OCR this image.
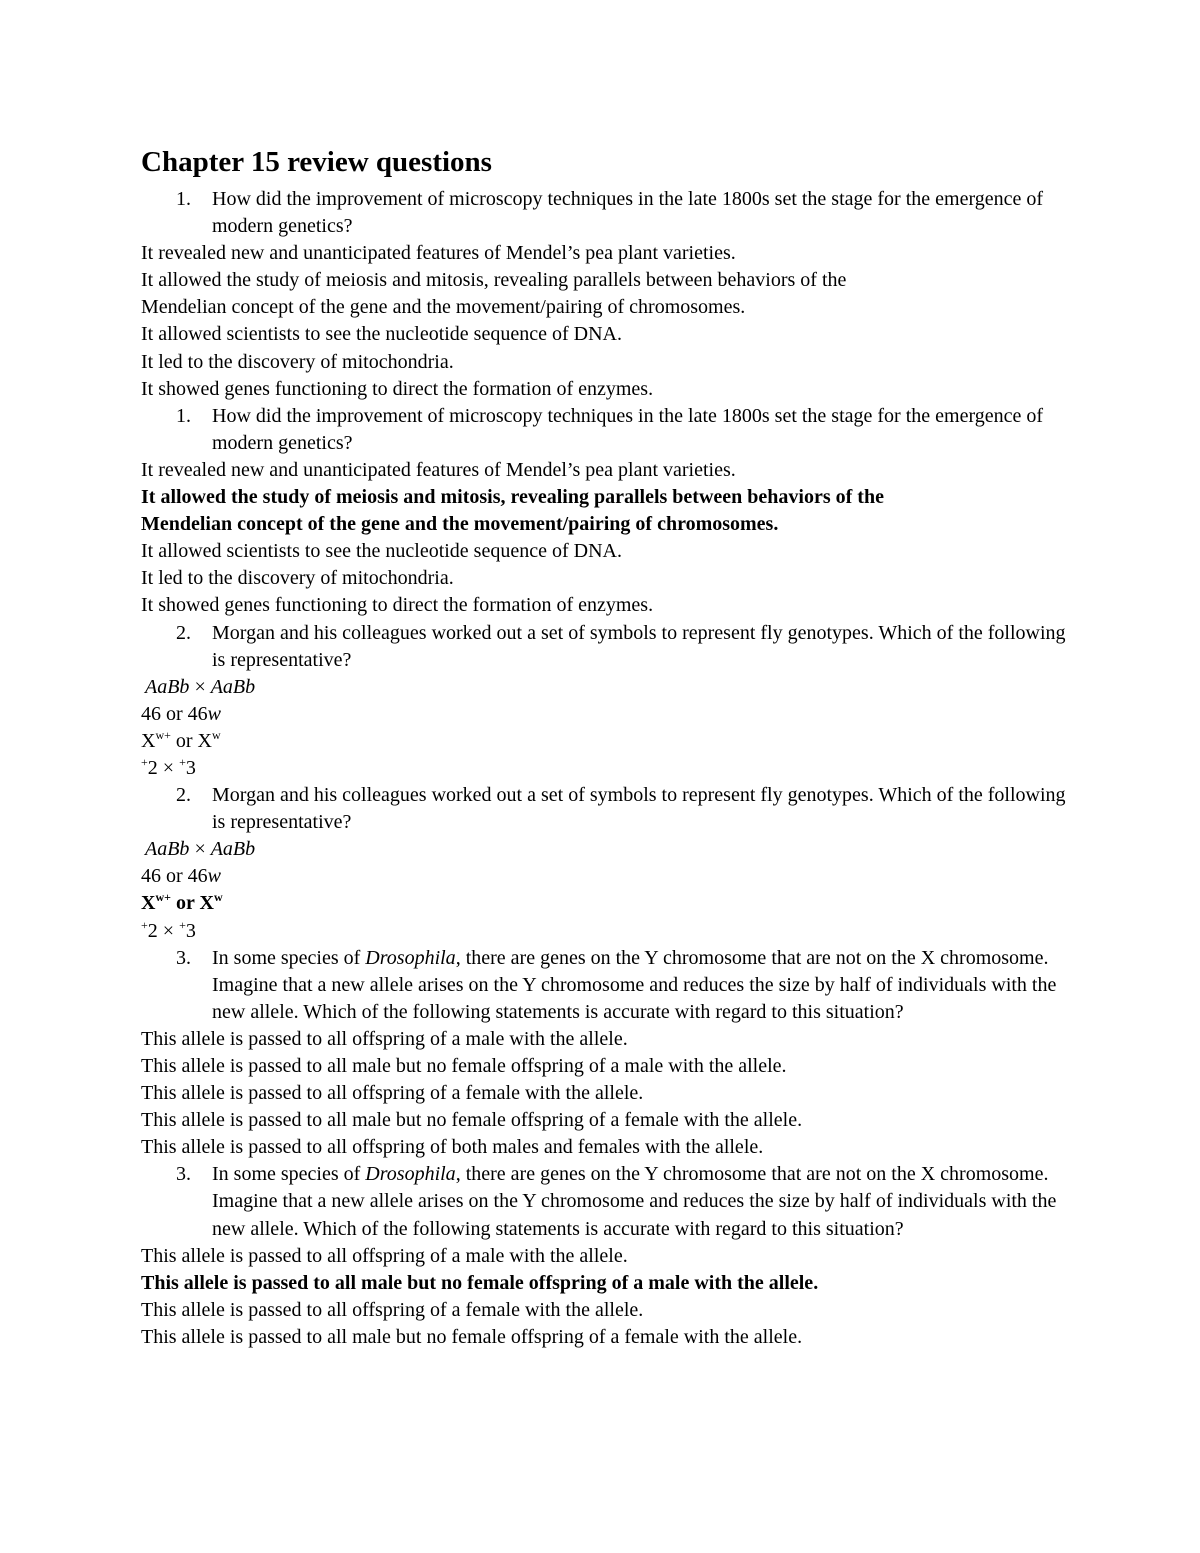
Chapter 15 review questions
1. How did the improvement of microscopy techniques in the late 1800s set the stage for the emergence of modern genetics?
It revealed new and unanticipated features of Mendel’s pea plant varieties.
It allowed the study of meiosis and mitosis, revealing parallels between behaviors of the
Mendelian concept of the gene and the movement/pairing of chromosomes.
It allowed scientists to see the nucleotide sequence of DNA.
It led to the discovery of mitochondria.
It showed genes functioning to direct the formation of enzymes.
1. How did the improvement of microscopy techniques in the late 1800s set the stage for the emergence of modern genetics?
It revealed new and unanticipated features of Mendel’s pea plant varieties.
It allowed the study of meiosis and mitosis, revealing parallels between behaviors of the
Mendelian concept of the gene and the movement/pairing of chromosomes.
It allowed scientists to see the nucleotide sequence of DNA.
It led to the discovery of mitochondria.
It showed genes functioning to direct the formation of enzymes.
2. Morgan and his colleagues worked out a set of symbols to represent fly genotypes. Which of the following is representative?
AaBb × AaBb
46 or 46w
$X^{w+}$ or $X^w$
+2 × +3
2. Morgan and his colleagues worked out a set of symbols to represent fly genotypes. Which of the following is representative?
AaBb × AaBb
46 or 46w
$X^{w+}$ or $X^w$
+2 × +3
3. In some species of Drosophila, there are genes on the Y chromosome that are not on the X chromosome. Imagine that a new allele arises on the Y chromosome and reduces the size by half of individuals with the new allele. Which of the following statements is accurate with regard to this situation?
This allele is passed to all offspring of a male with the allele.
This allele is passed to all male but no female offspring of a male with the allele.
This allele is passed to all offspring of a female with the allele.
This allele is passed to all male but no female offspring of a female with the allele.
This allele is passed to all offspring of both males and females with the allele.
3. In some species of Drosophila, there are genes on the Y chromosome that are not on the X chromosome. Imagine that a new allele arises on the Y chromosome and reduces the size by half of individuals with the new allele. Which of the following statements is accurate with regard to this situation?
This allele is passed to all offspring of a male with the allele.
This allele is passed to all male but no female offspring of a male with the allele.
This allele is passed to all offspring of a female with the allele.
This allele is passed to all male but no female offspring of a female with the allele.
